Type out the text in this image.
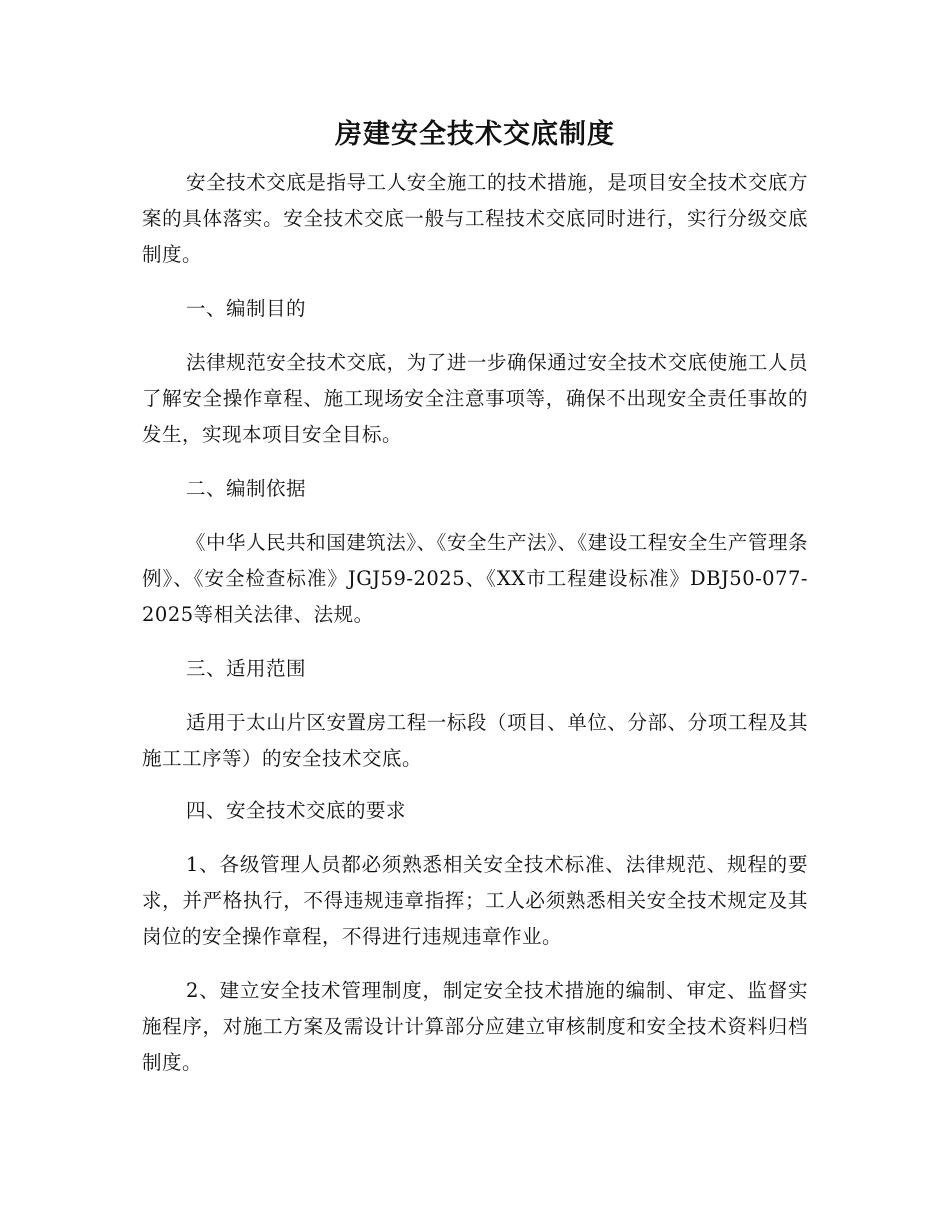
房建安全技术交底制度

安全技术交底是指导工人安全施工的技术措施，是项目安全技术交底方案的具体落实。安全技术交底一般与工程技术交底同时进行，实行分级交底制度。

一、编制目的

法律规范安全技术交底，为了进一步确保通过安全技术交底使施工人员了解安全操作章程、施工现场安全注意事项等，确保不出现安全责任事故的发生，实现本项目安全目标。

二、编制依据

《中华人民共和国建筑法》、《安全生产法》、《建设工程安全生产管理条例》、《安全检查标准》JGJ59-2025、《XX市工程建设标准》DBJ50-077-2025等相关法律、法规。

三、适用范围

适用于太山片区安置房工程一标段（项目、单位、分部、分项工程及其施工工序等）的安全技术交底。

四、安全技术交底的要求

1、各级管理人员都必须熟悉相关安全技术标准、法律规范、规程的要求，并严格执行，不得违规违章指挥；工人必须熟悉相关安全技术规定及其岗位的安全操作章程，不得进行违规违章作业。

2、建立安全技术管理制度，制定安全技术措施的编制、审定、监督实施程序，对施工方案及需设计计算部分应建立审核制度和安全技术资料归档制度。
